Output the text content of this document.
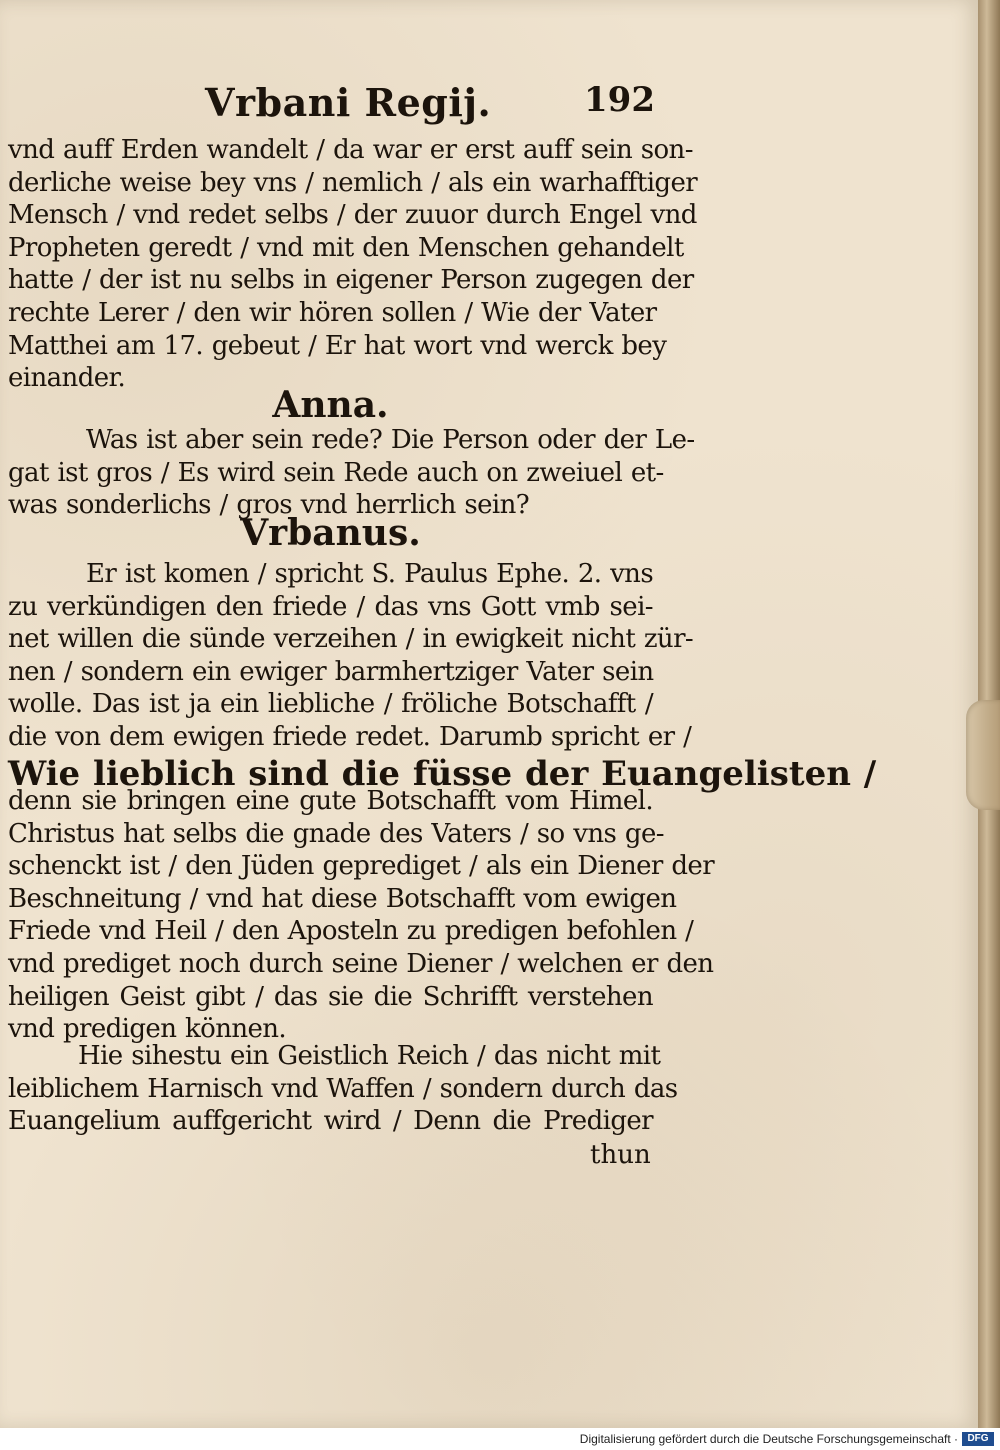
Vrbani Regij.	192
vnd auff Erden wandelt / da war er erst auff sein son-
derliche weise bey vns / nemlich / als ein warhafftiger
Mensch / vnd redet selbs / der zuuor durch Engel vnd
Propheten geredt / vnd mit den Menschen gehandelt
hatte / der ist nu selbs in eigener Person zugegen der
rechte Lerer / den wir hören sollen / Wie der Vater
Matthei am 17. gebeut / Er hat wort vnd werck bey
einander.
Anna.
Was ist aber sein rede? Die Person oder der Le-
gat ist gros / Es wird sein Rede auch on zweiuel et-
was sonderlichs / gros vnd herrlich sein?
Vrbanus.
Er ist komen / spricht S. Paulus Ephe. 2. vns
zu verkündigen den friede / das vns Gott vmb sei-
net willen die sünde verzeihen / in ewigkeit nicht zür-
nen / sondern ein ewiger barmhertziger Vater sein
wolle. Das ist ja ein liebliche / fröliche Botschafft /
die von dem ewigen friede redet. Darumb spricht er /
Wie lieblich sind die füsse der Euangelisten /
denn sie bringen eine gute Botschafft vom Himel.
Christus hat selbs die gnade des Vaters / so vns ge-
schenckt ist / den Jüden geprediget / als ein Diener der
Beschneitung / vnd hat diese Botschafft vom ewigen
Friede vnd Heil / den Aposteln zu predigen befohlen /
vnd prediget noch durch seine Diener / welchen er den
heiligen Geist gibt / das sie die Schrifft verstehen
vnd predigen können.
Hie sihestu ein Geistlich Reich / das nicht mit
leiblichem Harnisch vnd Waffen / sondern durch das
Euangelium auffgericht wird / Denn die Prediger
thun
Digitalisierung gefördert durch die Deutsche Forschungsgemeinschaft · DFG
